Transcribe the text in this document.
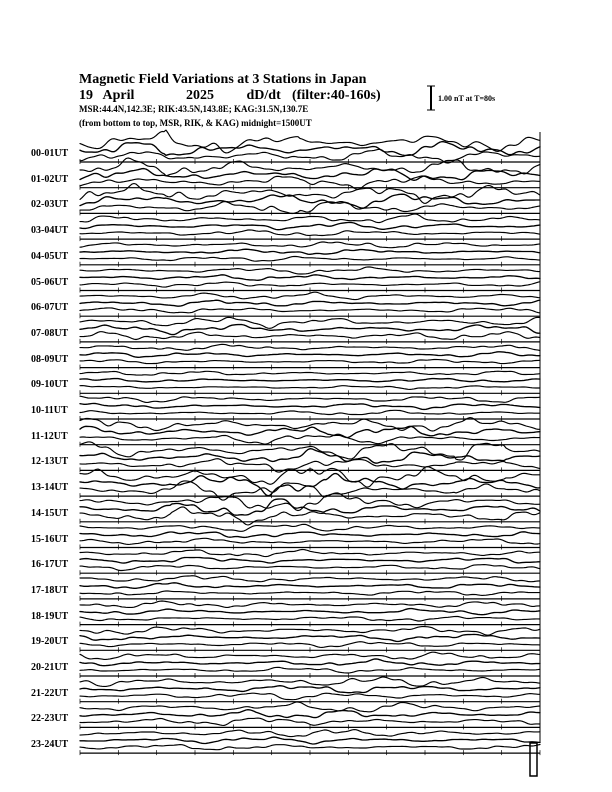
Magnetic Field Variations at 3 Stations in Japan
19 April	2025 dD/dt (filter:40-160s)
MSR:44.4N,142.3E; RIK:43.5N,143.8E; KAG:31.5N,130.7E
(from bottom to top, MSR, RIK, & KAG) midnight=1500UT
1.00 nT at T=80s
00-01UT
01-02UT
02-03UT
03-04UT
04-05UT
05-06UT
06-07UT
07-08UT
08-09UT
09-10UT
10-11UT
11-12UT
12-13UT
13-14UT
14-15UT
15-16UT
16-17UT
17-18UT
18-19UT
19-20UT
20-21UT
21-22UT
22-23UT
23-24UT
